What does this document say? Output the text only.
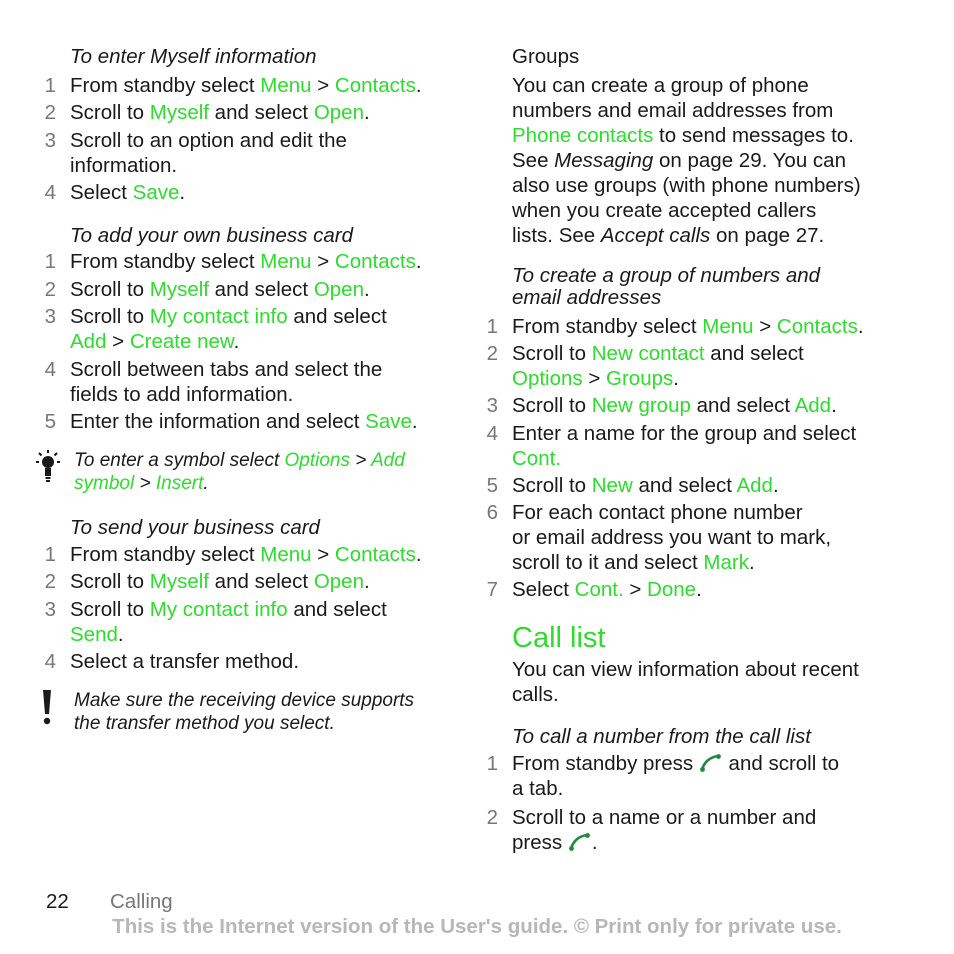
To enter Myself information
1 From standby select Menu > Contacts.
2 Scroll to Myself and select Open.
3 Scroll to an option and edit the
information.
4 Select Save.
To add your own business card
1 From standby select Menu > Contacts.
2 Scroll to Myself and select Open.
3 Scroll to My contact info and select
Add > Create new.
4 Scroll between tabs and select the
fields to add information.
5 Enter the information and select Save.
To enter a symbol select Options > Add
symbol > Insert.
To send your business card
1 From standby select Menu > Contacts.
2 Scroll to Myself and select Open.
3 Scroll to My contact info and select
Send.
4 Select a transfer method.
Make sure the receiving device supports
the transfer method you select.
Groups
You can create a group of phone
numbers and email addresses from
Phone contacts to send messages to.
See Messaging on page 29. You can
also use groups (with phone numbers)
when you create accepted callers
lists. See Accept calls on page 27.
To create a group of numbers and
email addresses
1 From standby select Menu > Contacts.
2 Scroll to New contact and select
Options > Groups.
3 Scroll to New group and select Add.
4 Enter a name for the group and select
Cont.
5 Scroll to New and select Add.
6 For each contact phone number
or email address you want to mark,
scroll to it and select Mark.
7 Select Cont. > Done.
Call list
You can view information about recent
calls.
To call a number from the call list
1 From standby press  and scroll to
a tab.
2 Scroll to a name or a number and
press .
22 Calling
This is the Internet version of the User's guide. © Print only for private use.
